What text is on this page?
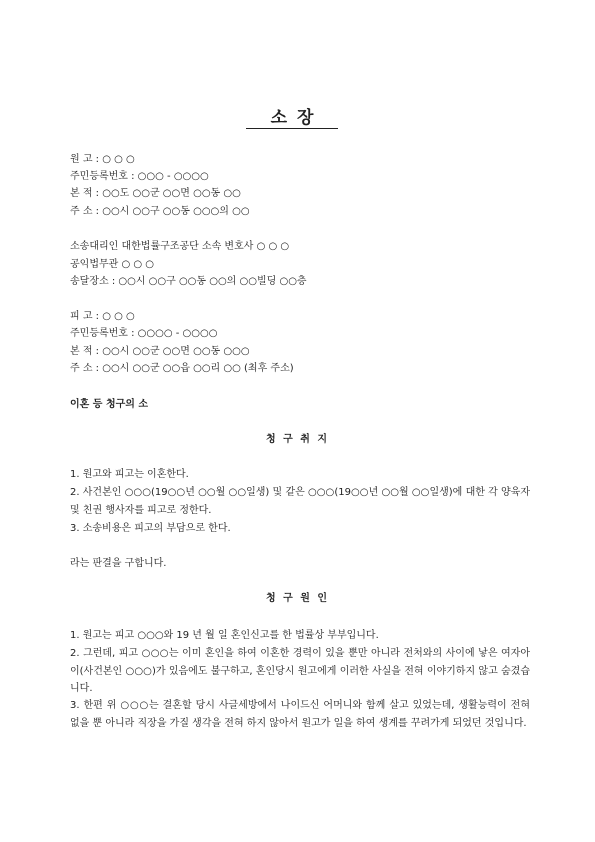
소 장
원 고 : ○ ○ ○
주민등록번호 : ○○○ - ○○○○
본 적 : ○○도 ○○군 ○○면 ○○동 ○○
주 소 : ○○시 ○○구 ○○동 ○○○의 ○○
소송대리인 대한법률구조공단 소속 변호사 ○ ○ ○
공익법무관 ○ ○ ○
송달장소 : ○○시 ○○구 ○○동 ○○의 ○○빌딩 ○○층
피 고 : ○ ○ ○
주민등록번호 : ○○○○ - ○○○○
본 적 : ○○시 ○○군 ○○면 ○○동 ○○○
주 소 : ○○시 ○○군 ○○읍 ○○리 ○○ (최후 주소)
이혼 등 청구의 소
청 구 취 지
1. 원고와 피고는 이혼한다.
2. 사건본인 ○○○(19○○년 ○○월 ○○일생) 및 같은 ○○○(19○○년 ○○월 ○○일생)에 대한 각 양육자 및 친권 행사자를 피고로 정한다.
3. 소송비용은 피고의 부담으로 한다.
라는 판결을 구합니다.
청 구 원 인
1. 원고는 피고 ○○○와 19 년 월 일 혼인신고를 한 법률상 부부입니다.
2. 그런데, 피고 ○○○는 이미 혼인을 하여 이혼한 경력이 있을 뿐만 아니라 전처와의 사이에 낳은 여자아이(사건본인 ○○○)가 있음에도 불구하고, 혼인당시 원고에게 이러한 사실을 전혀 이야기하지 않고 숨겼습니다.
3. 한편 위 ○○○는 결혼할 당시 사글세방에서 나이드신 어머니와 함께 살고 있었는데, 생활능력이 전혀 없을 뿐 아니라 직장을 가질 생각을 전혀 하지 않아서 원고가 일을 하여 생계를 꾸려가게 되었던 것입니다.
